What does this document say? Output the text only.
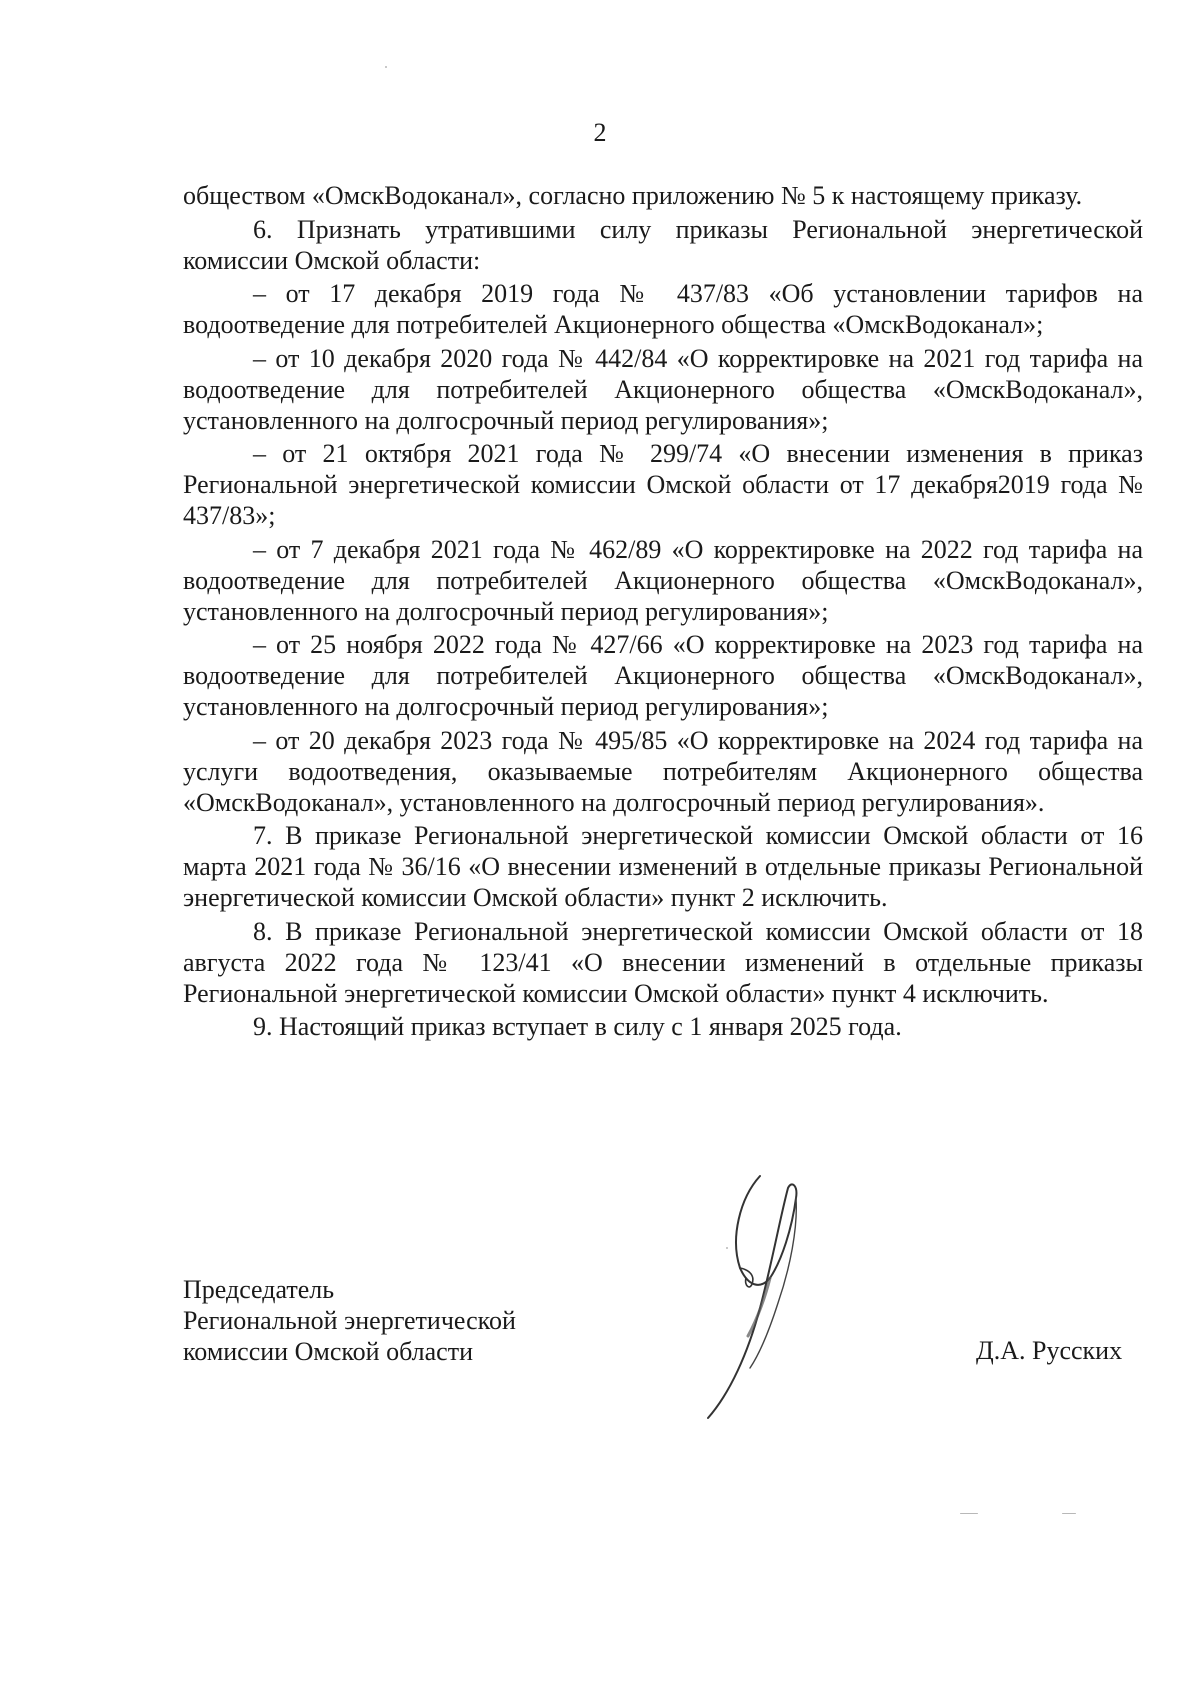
2

обществом «ОмскВодоканал», согласно приложению № 5 к настоящему приказу.

6. Признать утратившими силу приказы Региональной энергетической комиссии Омской области:

– от 17 декабря 2019 года № 437/83 «Об установлении тарифов на водоотведение для потребителей Акционерного общества «ОмскВодоканал»;

– от 10 декабря 2020 года № 442/84 «О корректировке на 2021 год тарифа на водоотведение для потребителей Акционерного общества «ОмскВодоканал», установленного на долгосрочный период регулирования»;

– от 21 октября 2021 года № 299/74 «О внесении изменения в приказ Региональной энергетической комиссии Омской области от 17 декабря2019 года № 437/83»;

– от 7 декабря 2021 года № 462/89 «О корректировке на 2022 год тарифа на водоотведение для потребителей Акционерного общества «ОмскВодоканал», установленного на долгосрочный период регулирования»;

– от 25 ноября 2022 года № 427/66 «О корректировке на 2023 год тарифа на водоотведение для потребителей Акционерного общества «ОмскВодоканал», установленного на долгосрочный период регулирования»;

– от 20 декабря 2023 года № 495/85 «О корректировке на 2024 год тарифа на услуги водоотведения, оказываемые потребителям Акционерного общества «ОмскВодоканал», установленного на долгосрочный период регулирования».

7. В приказе Региональной энергетической комиссии Омской области от 16 марта 2021 года № 36/16 «О внесении изменений в отдельные приказы Региональной энергетической комиссии Омской области» пункт 2 исключить.

8. В приказе Региональной энергетической комиссии Омской области от 18 августа 2022 года № 123/41 «О внесении изменений в отдельные приказы Региональной энергетической комиссии Омской области» пункт 4 исключить.

9. Настоящий приказ вступает в силу с 1 января 2025 года.

Председатель
Региональной энергетической
комиссии Омской области	Д.А. Русских
